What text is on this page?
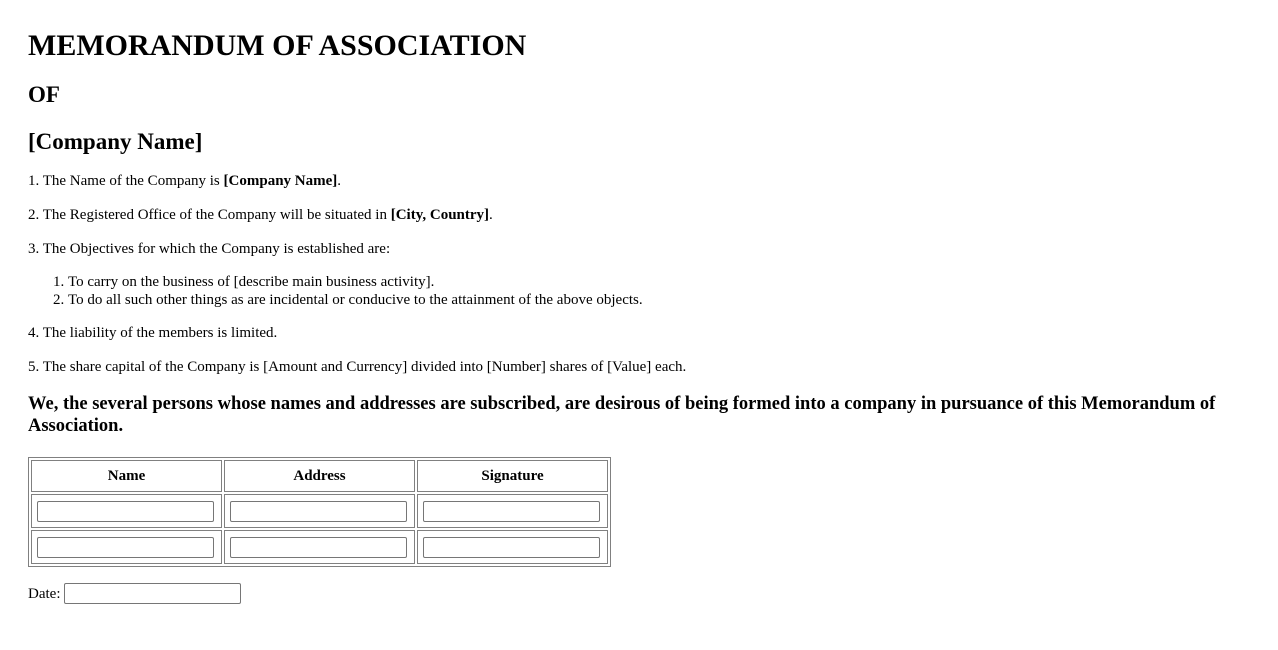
MEMORANDUM OF ASSOCIATION
OF
[Company Name]

1. The Name of the Company is [Company Name].

2. The Registered Office of the Company will be situated in [City, Country].

3. The Objectives for which the Company is established are:

1. To carry on the business of [describe main business activity].
2. To do all such other things as are incidental or conducive to the attainment of the above objects.

4. The liability of the members is limited.

5. The share capital of the Company is [Amount and Currency] divided into [Number] shares of [Value] each.

We, the several persons whose names and addresses are subscribed, are desirous of being formed into a company in pursuance of this Memorandum of Association.
Name	Address	Signature

Date:
